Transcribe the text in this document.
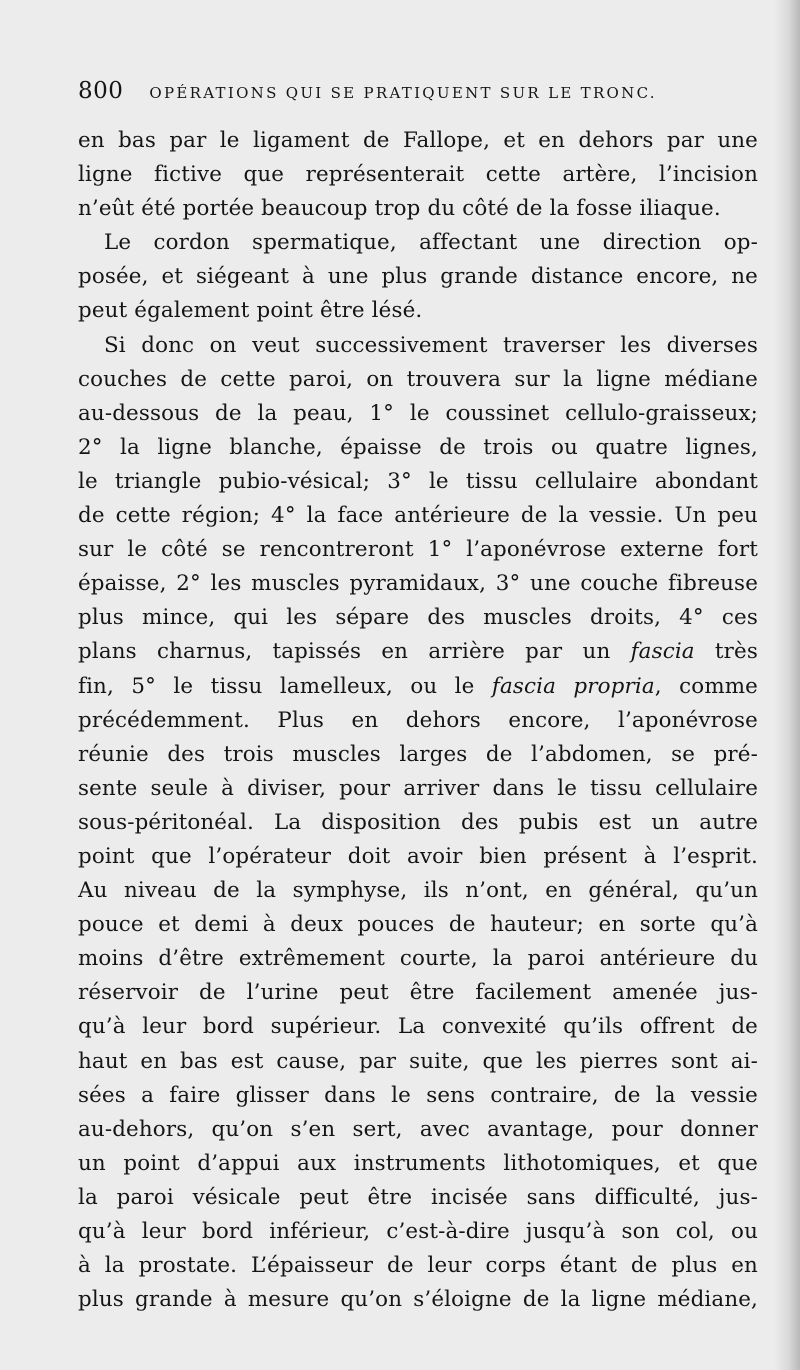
800 OPÉRATIONS QUI SE PRATIQUENT SUR LE TRONC.
en bas par le ligament de Fallope, et en dehors par une
ligne fictive que représenterait cette artère, l’incision
n’eût été portée beaucoup trop du côté de la fosse iliaque.
Le cordon spermatique, affectant une direction op-
posée, et siégeant à une plus grande distance encore, ne
peut également point être lésé.
Si donc on veut successivement traverser les diverses
couches de cette paroi, on trouvera sur la ligne médiane
au-dessous de la peau, 1° le coussinet cellulo-graisseux;
2° la ligne blanche, épaisse de trois ou quatre lignes,
le triangle pubio-vésical; 3° le tissu cellulaire abondant
de cette région; 4° la face antérieure de la vessie. Un peu
sur le côté se rencontreront 1° l’aponévrose externe fort
épaisse, 2° les muscles pyramidaux, 3° une couche fibreuse
plus mince, qui les sépare des muscles droits, 4° ces
plans charnus, tapissés en arrière par un fascia très
fin, 5° le tissu lamelleux, ou le fascia propria, comme
précédemment. Plus en dehors encore, l’aponévrose
réunie des trois muscles larges de l’abdomen, se pré-
sente seule à diviser, pour arriver dans le tissu cellulaire
sous-péritonéal. La disposition des pubis est un autre
point que l’opérateur doit avoir bien présent à l’esprit.
Au niveau de la symphyse, ils n’ont, en général, qu’un
pouce et demi à deux pouces de hauteur; en sorte qu’à
moins d’être extrêmement courte, la paroi antérieure du
réservoir de l’urine peut être facilement amenée jus-
qu’à leur bord supérieur. La convexité qu’ils offrent de
haut en bas est cause, par suite, que les pierres sont ai-
sées a faire glisser dans le sens contraire, de la vessie
au-dehors, qu’on s’en sert, avec avantage, pour donner
un point d’appui aux instruments lithotomiques, et que
la paroi vésicale peut être incisée sans difficulté, jus-
qu’à leur bord inférieur, c’est-à-dire jusqu’à son col, ou
à la prostate. L’épaisseur de leur corps étant de plus en
plus grande à mesure qu’on s’éloigne de la ligne médiane,
